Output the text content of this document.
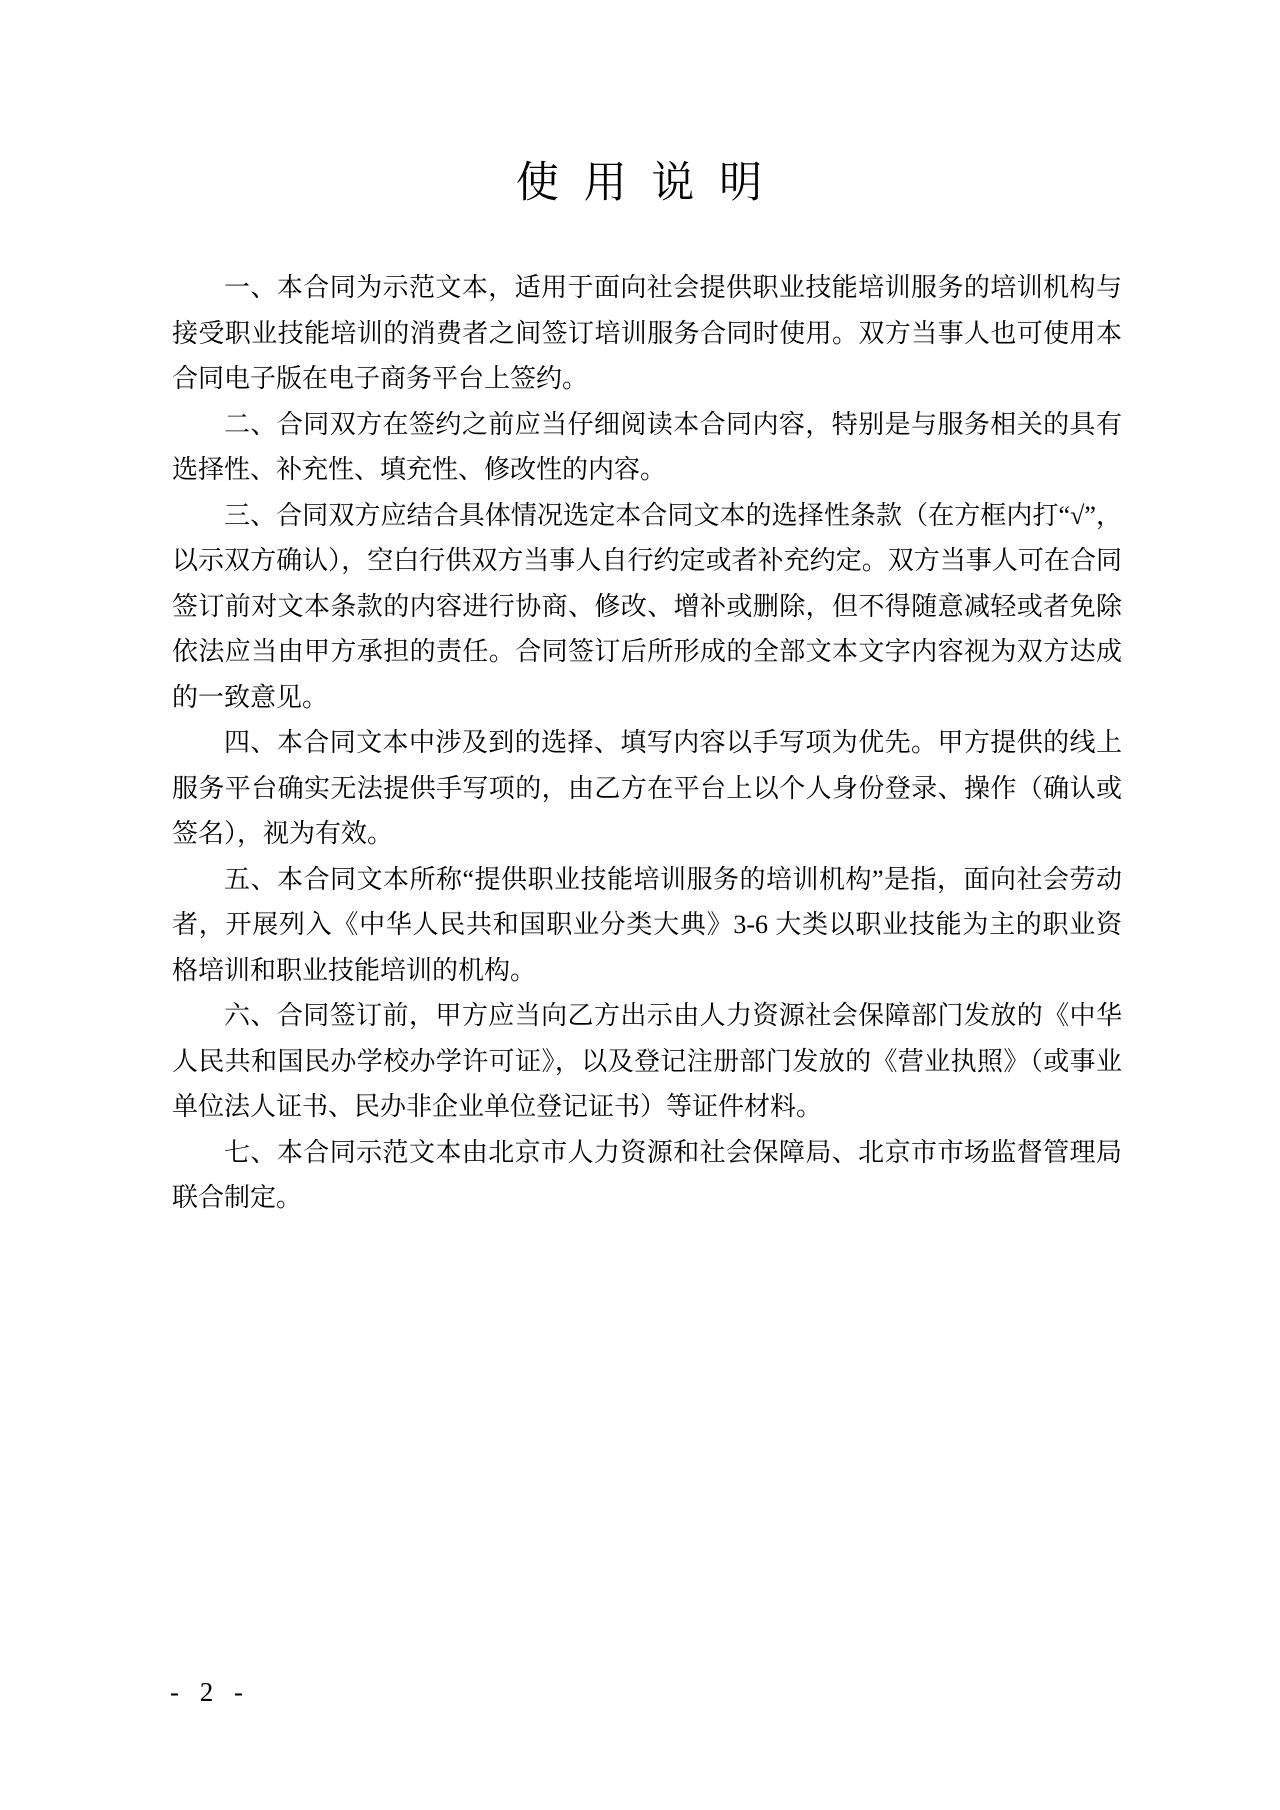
使 用 说 明

一、本合同为示范文本，适用于面向社会提供职业技能培训服务的培训机构与接受职业技能培训的消费者之间签订培训服务合同时使用。双方当事人也可使用本合同电子版在电子商务平台上签约。

二、合同双方在签约之前应当仔细阅读本合同内容，特别是与服务相关的具有选择性、补充性、填充性、修改性的内容。

三、合同双方应结合具体情况选定本合同文本的选择性条款（在方框内打“√”，以示双方确认），空白行供双方当事人自行约定或者补充约定。双方当事人可在合同签订前对文本条款的内容进行协商、修改、增补或删除，但不得随意减轻或者免除依法应当由甲方承担的责任。合同签订后所形成的全部文本文字内容视为双方达成的一致意见。

四、本合同文本中涉及到的选择、填写内容以手写项为优先。甲方提供的线上服务平台确实无法提供手写项的，由乙方在平台上以个人身份登录、操作（确认或签名），视为有效。

五、本合同文本所称“提供职业技能培训服务的培训机构”是指，面向社会劳动者，开展列入《中华人民共和国职业分类大典》3-6 大类以职业技能为主的职业资格培训和职业技能培训的机构。

六、合同签订前，甲方应当向乙方出示由人力资源社会保障部门发放的《中华人民共和国民办学校办学许可证》，以及登记注册部门发放的《营业执照》（或事业单位法人证书、民办非企业单位登记证书）等证件材料。

七、本合同示范文本由北京市人力资源和社会保障局、北京市市场监督管理局联合制定。

- 2 -
